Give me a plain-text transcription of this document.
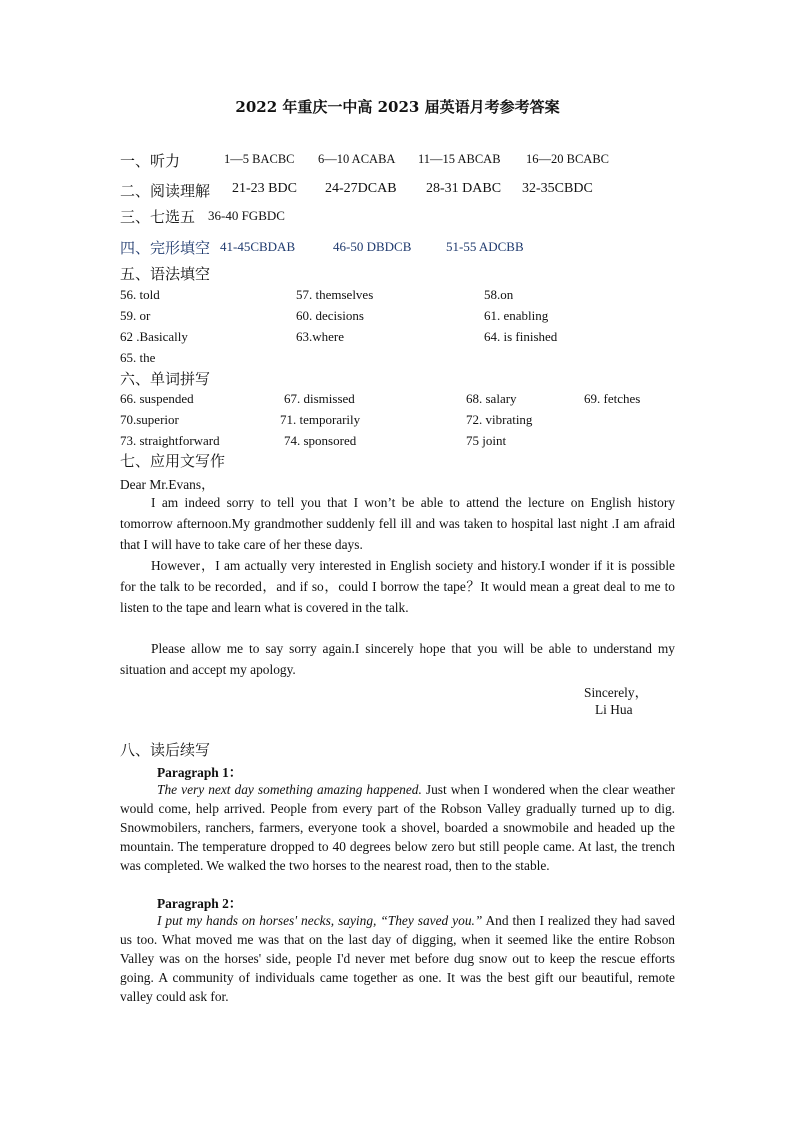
2022 年重庆一中高 2023 届英语月考参考答案
一、听力	1—5 BACBC 6—10 ACABA 11—15 ABCAB 16—20 BCABC
二、阅读理解 21-23 BDC 24-27DCAB 28-31 DABC 32-35CBDC
三、七选五 36-40 FGBDC
四、完形填空 41-45CBDAB	46-50 DBDCB	51-55 ADCBB
五、语法填空
56. told	57. themselves	58.on
59. or	60. decisions	61. enabling
62 .Basically	63.where	64. is finished
65. the
六、单词拼写
66. suspended	67. dismissed	68. salary	69. fetches
70.superior	71. temporarily	72. vibrating
73. straightforward	74. sponsored	75 joint
七、应用文写作
Dear Mr.Evans，
I am indeed sorry to tell you that I won’t be able to attend the lecture on English history tomorrow afternoon.My grandmother suddenly fell ill and was taken to hospital last night .I am afraid that I will have to take care of her these days.
However，I am actually very interested in English society and history.I wonder if it is possible for the talk to be recorded，and if so，could I borrow the tape？It would mean a great deal to me to listen to the tape and learn what is covered in the talk.
Please allow me to say sorry again.I sincerely hope that you will be able to understand my situation and accept my apology.
Sincerely，
Li Hua
八、读后续写
Paragraph 1：
The very next day something amazing happened. Just when I wondered when the clear weather would come, help arrived. People from every part of the Robson Valley gradually turned up to dig. Snowmobilers, ranchers, farmers, everyone took a shovel, boarded a snowmobile and headed up the mountain. The temperature dropped to 40 degrees below zero but still people came. At last, the trench was completed. We walked the two horses to the nearest road, then to the stable.
Paragraph 2：
I put my hands on horses' necks, saying, “They saved you.” And then I realized they had saved us too. What moved me was that on the last day of digging, when it seemed like the entire Robson Valley was on the horses' side, people I'd never met before dug snow out to keep the rescue efforts going. A community of individuals came together as one. It was the best gift our beautiful, remote valley could ask for.
